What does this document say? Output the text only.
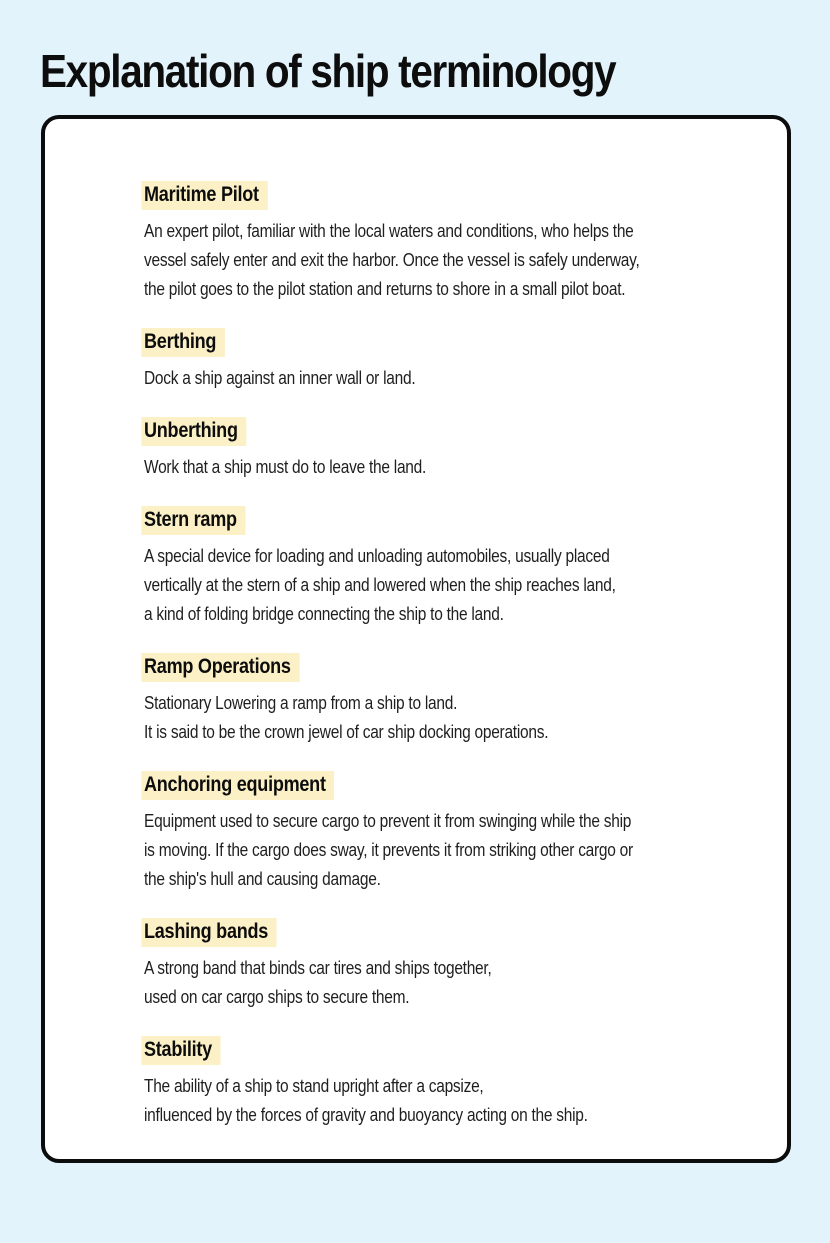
Explanation of ship terminology
Maritime Pilot
An expert pilot, familiar with the local waters and conditions, who helps the
vessel safely enter and exit the harbor. Once the vessel is safely underway,
the pilot goes to the pilot station and returns to shore in a small pilot boat.
Berthing
Dock a ship against an inner wall or land.
Unberthing
Work that a ship must do to leave the land.
Stern ramp
A special device for loading and unloading automobiles, usually placed
vertically at the stern of a ship and lowered when the ship reaches land,
a kind of folding bridge connecting the ship to the land.
Ramp Operations
Stationary Lowering a ramp from a ship to land.
It is said to be the crown jewel of car ship docking operations.
Anchoring equipment
Equipment used to secure cargo to prevent it from swinging while the ship
is moving. If the cargo does sway, it prevents it from striking other cargo or
the ship's hull and causing damage.
Lashing bands
A strong band that binds car tires and ships together,
used on car cargo ships to secure them.
Stability
The ability of a ship to stand upright after a capsize,
influenced by the forces of gravity and buoyancy acting on the ship.
